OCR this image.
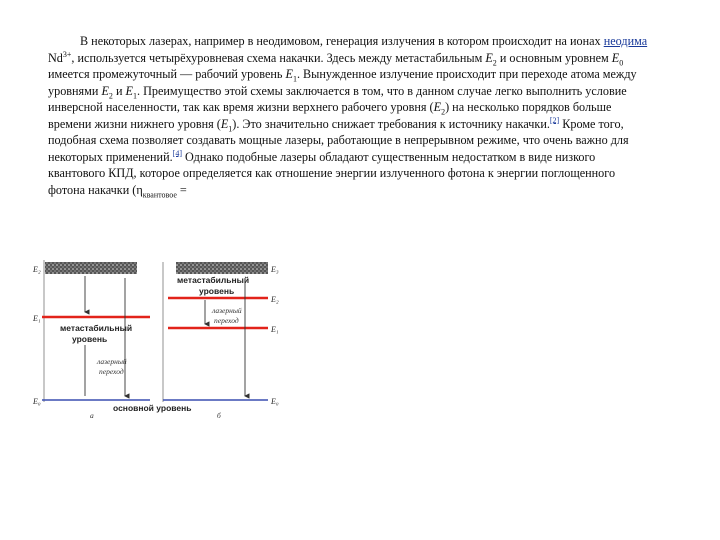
В некоторых лазерах, например в неодимовом, генерация излучения в котором происходит на ионах неодима $Nd^{3+}$, используется четырёхуровневая схема накачки. Здесь между метастабильным $E_2$ и основным уровнем $E_0$ имеется промежуточный — рабочий уровень $E_1$. Вынужденное излучение происходит при переходе атома между уровнями $E_2$ и $E_1$. Преимущество этой схемы заключается в том, что в данном случае легко выполнить условие инверсной населенности, так как время жизни верхнего рабочего уровня $(E_2)$ на несколько порядков больше времени жизни нижнего уровня $(E_1)$. Это значительно снижает требования к источнику накачки.[2] Кроме того, подобная схема позволяет создавать мощные лазеры, работающие в непрерывном режиме, что очень важно для некоторых применений.[4] Однако подобные лазеры обладают существенным недостатком в виде низкого квантового КПД, которое определяется как отношение энергии излученного фотона к энергии поглощенного фотона накачки ($\eta_{квантовое}$ =

E₂
E₁
метастабильный
уровень
лазерный
переход
E₀
основной уровень
а
E₃
метастабильный
уровень
E₂
лазерный
переход
E₁
E₀
б
